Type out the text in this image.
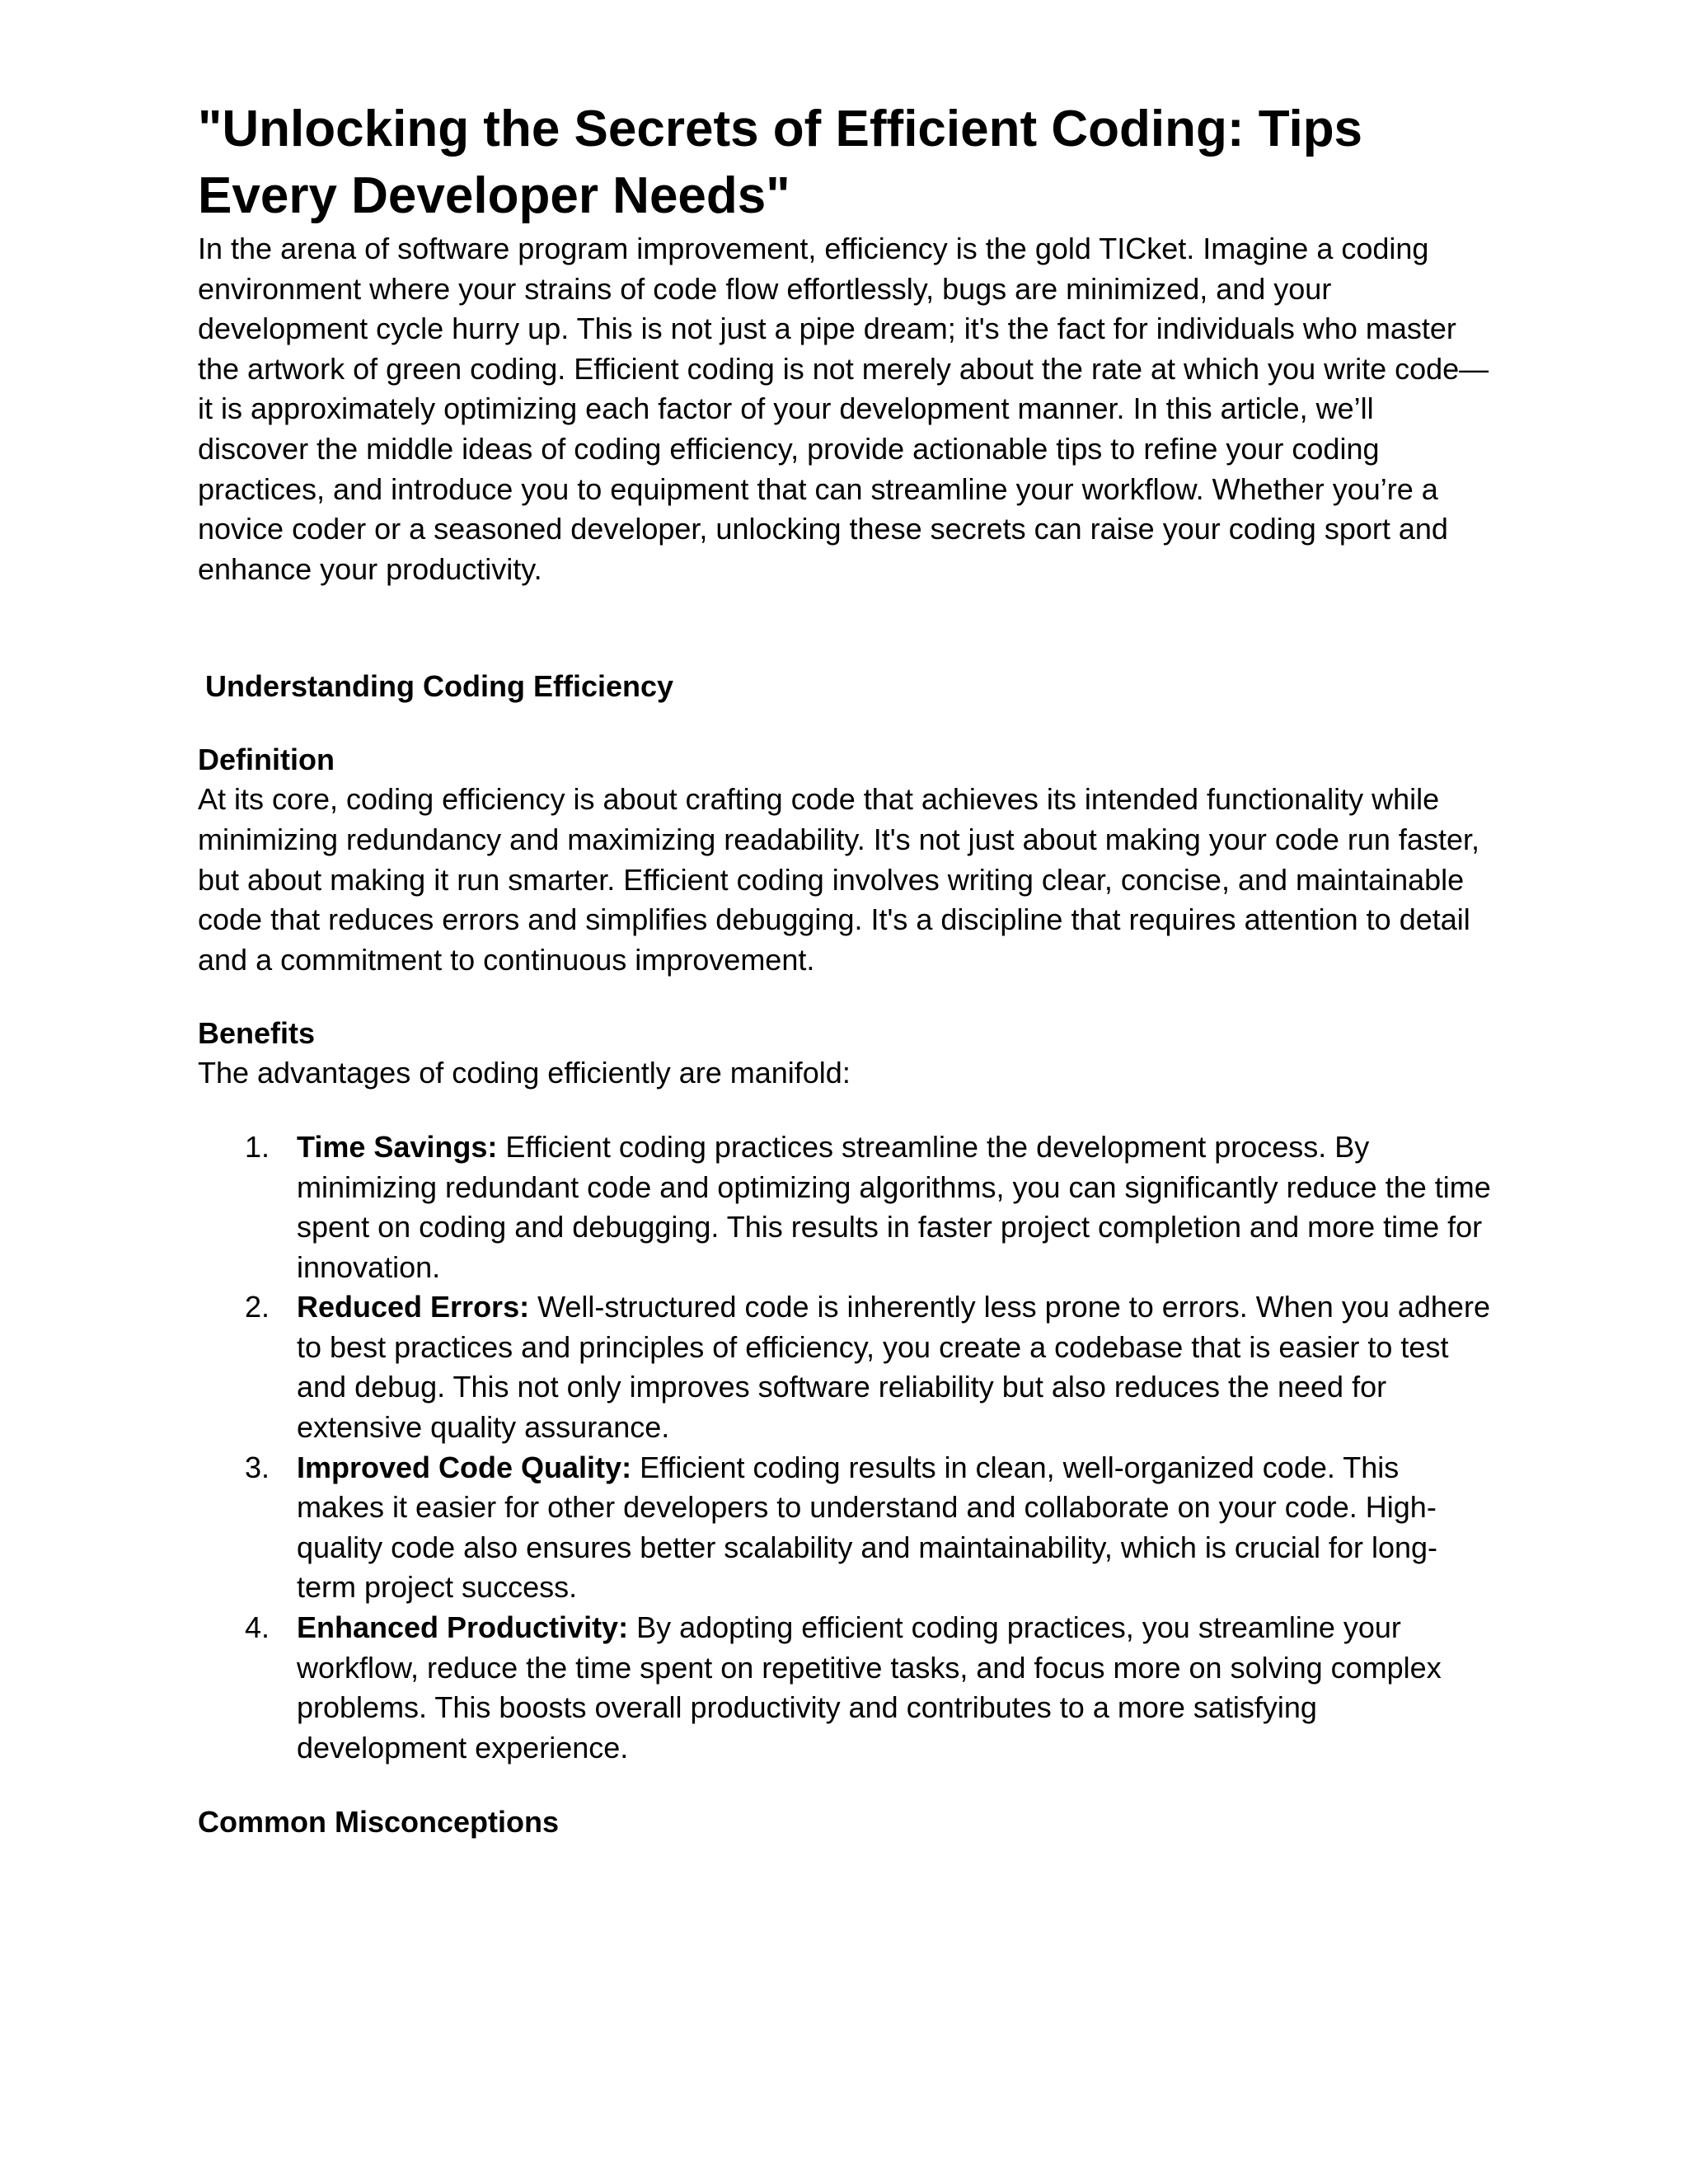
"Unlocking the Secrets of Efficient Coding: Tips Every Developer Needs"

In the arena of software program improvement, efficiency is the gold TICket. Imagine a coding environment where your strains of code flow effortlessly, bugs are minimized, and your development cycle hurry up. This is not just a pipe dream; it's the fact for individuals who master the artwork of green coding. Efficient coding is not merely about the rate at which you write code—it is approximately optimizing each factor of your development manner. In this article, we’ll discover the middle ideas of coding efficiency, provide actionable tips to refine your coding practices, and introduce you to equipment that can streamline your workflow. Whether you’re a novice coder or a seasoned developer, unlocking these secrets can raise your coding sport and enhance your productivity.

Understanding Coding Efficiency
Definition

At its core, coding efficiency is about crafting code that achieves its intended functionality while minimizing redundancy and maximizing readability. It's not just about making your code run faster, but about making it run smarter. Efficient coding involves writing clear, concise, and maintainable code that reduces errors and simplifies debugging. It's a discipline that requires attention to detail and a commitment to continuous improvement.

Benefits

The advantages of coding efficiently are manifold:

1. Time Savings: Efficient coding practices streamline the development process. By minimizing redundant code and optimizing algorithms, you can significantly reduce the time spent on coding and debugging. This results in faster project completion and more time for innovation.
2. Reduced Errors: Well-structured code is inherently less prone to errors. When you adhere to best practices and principles of efficiency, you create a codebase that is easier to test and debug. This not only improves software reliability but also reduces the need for extensive quality assurance.
3. Improved Code Quality: Efficient coding results in clean, well-organized code. This makes it easier for other developers to understand and collaborate on your code. High-quality code also ensures better scalability and maintainability, which is crucial for long-term project success.
4. Enhanced Productivity: By adopting efficient coding practices, you streamline your workflow, reduce the time spent on repetitive tasks, and focus more on solving complex problems. This boosts overall productivity and contributes to a more satisfying development experience.
Common Misconceptions
